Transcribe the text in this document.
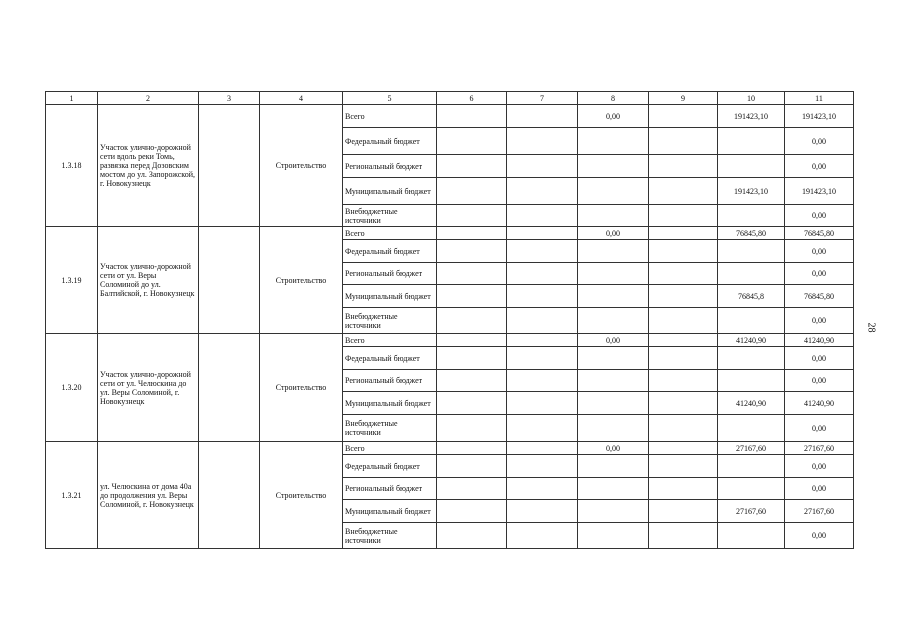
1	2	3	4	5	6	7	8	9	10	11
1.3.18	Участок улично-дорожной сети вдоль реки Томь, развязка перед Дозовским мостом до ул. Запорожской, г. Новокузнецк		Строительство	Всего			0,00		191423,10	191423,10
				Федеральный бюджет						0,00
				Региональный бюджет						0,00
				Муниципальный бюджет					191423,10	191423,10
				Внебюджетные источники						0,00
1.3.19	Участок улично-дорожной сети от ул. Веры Соломиной до ул. Балтийской, г. Новокузнецк		Строительство	Всего			0,00		76845,80	76845,80
				Федеральный бюджет						0,00
				Региональный бюджет						0,00
				Муниципальный бюджет					76845,8	76845,80
				Внебюджетные источники						0,00
1.3.20	Участок улично-дорожной сети от ул. Челюскина до ул. Веры Соломиной, г. Новокузнецк		Строительство	Всего			0,00		41240,90	41240,90
				Федеральный бюджет						0,00
				Региональный бюджет						0,00
				Муниципальный бюджет					41240,90	41240,90
				Внебюджетные источники						0,00
1.3.21	ул. Челюскина от дома 40а до продолжения ул. Веры Соломиной, г. Новокузнецк		Строительство	Всего			0,00		27167,60	27167,60
				Федеральный бюджет						0,00
				Региональный бюджет						0,00
				Муниципальный бюджет					27167,60	27167,60
				Внебюджетные источники						0,00
28
